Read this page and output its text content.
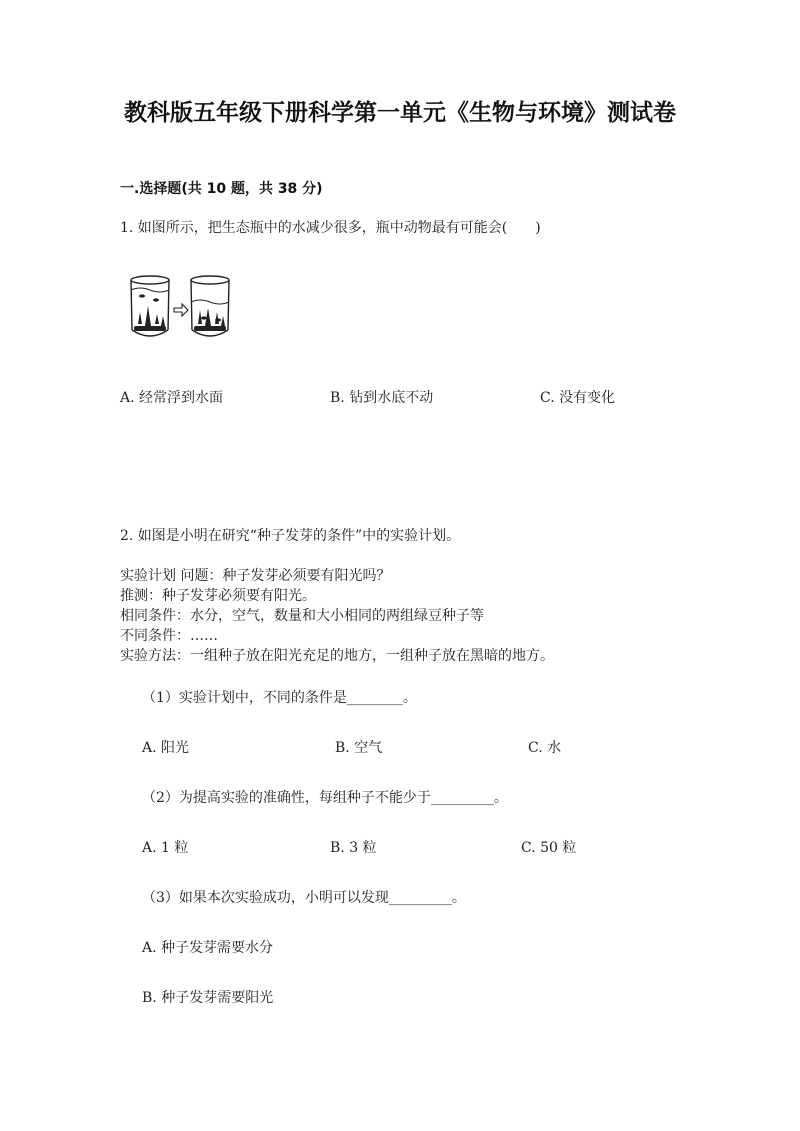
教科版五年级下册科学第一单元《生物与环境》测试卷
一.选择题(共 10 题，共 38 分)
1. 如图所示，把生态瓶中的水减少很多，瓶中动物最有可能会(　　)
A. 经常浮到水面	B. 钻到水底不动	C. 没有变化
2. 如图是小明在研究“种子发芽的条件”中的实验计划。
实验计划 问题：种子发芽必须要有阳光吗？
推测：种子发芽必须要有阳光。
相同条件：水分，空气，数量和大小相同的两组绿豆种子等
不同条件：……
实验方法：一组种子放在阳光充足的地方，一组种子放在黑暗的地方。
（1）实验计划中，不同的条件是________。
A. 阳光	B. 空气	C. 水
（2）为提高实验的准确性，每组种子不能少于_________。
A. 1 粒	B. 3 粒	C. 50 粒
（3）如果本次实验成功，小明可以发现_________。
A. 种子发芽需要水分
B. 种子发芽需要阳光
